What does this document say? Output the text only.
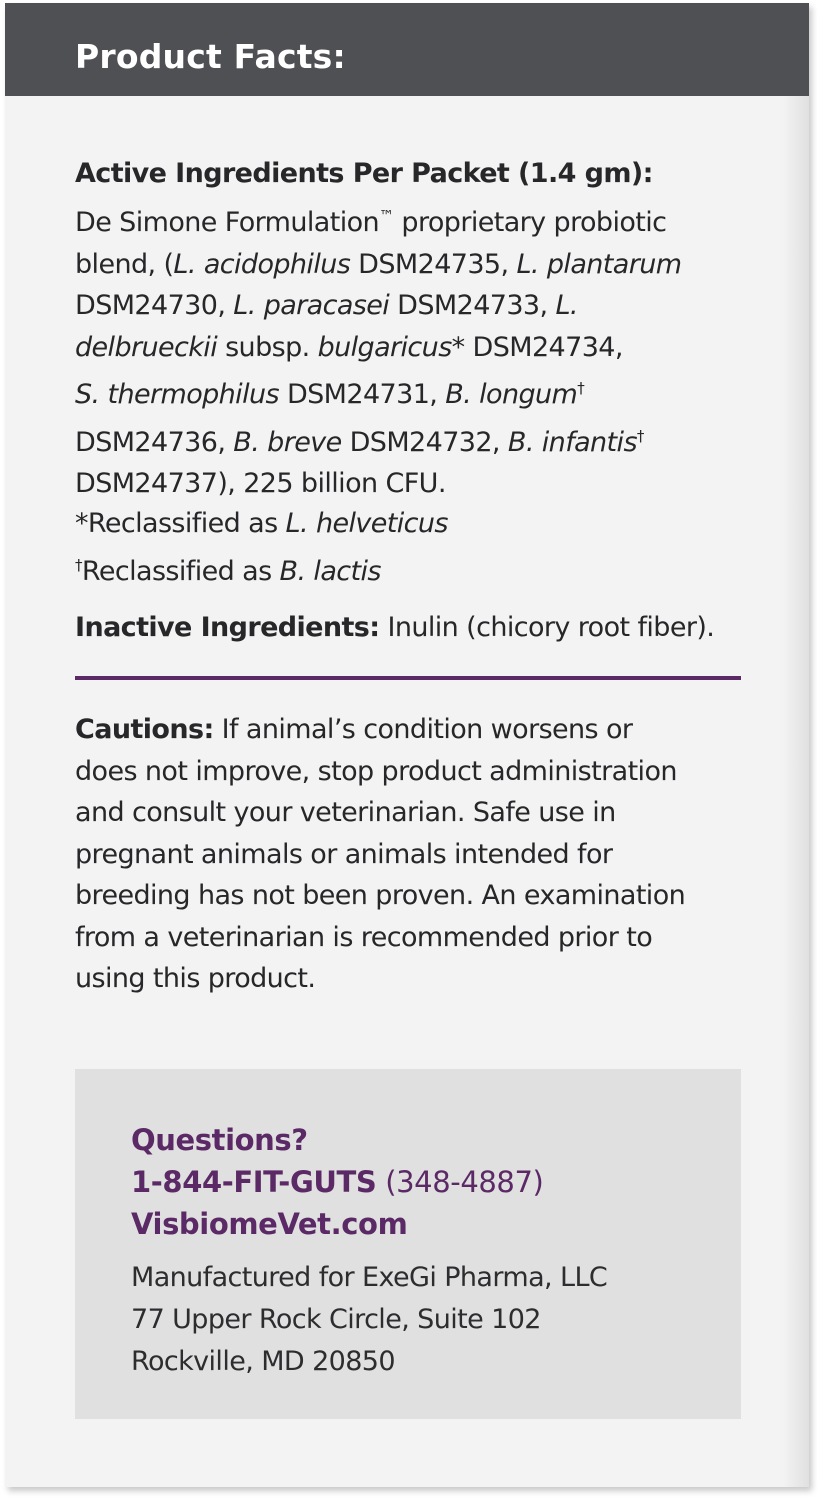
Product Facts:
Active Ingredients Per Packet (1.4 gm):
De Simone Formulation™ proprietary probiotic
blend, (L. acidophilus DSM24735, L. plantarum
DSM24730, L. paracasei DSM24733, L.
delbrueckii subsp. bulgaricus* DSM24734,
S. thermophilus DSM24731, B. longum†
DSM24736, B. breve DSM24732, B. infantis†
DSM24737), 225 billion CFU.
*Reclassified as L. helveticus
†Reclassified as B. lactis
Inactive Ingredients: Inulin (chicory root fiber).
Cautions: If animal’s condition worsens or
does not improve, stop product administration
and consult your veterinarian. Safe use in
pregnant animals or animals intended for
breeding has not been proven. An examination
from a veterinarian is recommended prior to
using this product.
Questions?
1-844-FIT-GUTS (348-4887)
VisbiomeVet.com
Manufactured for ExeGi Pharma, LLC
77 Upper Rock Circle, Suite 102
Rockville, MD 20850
